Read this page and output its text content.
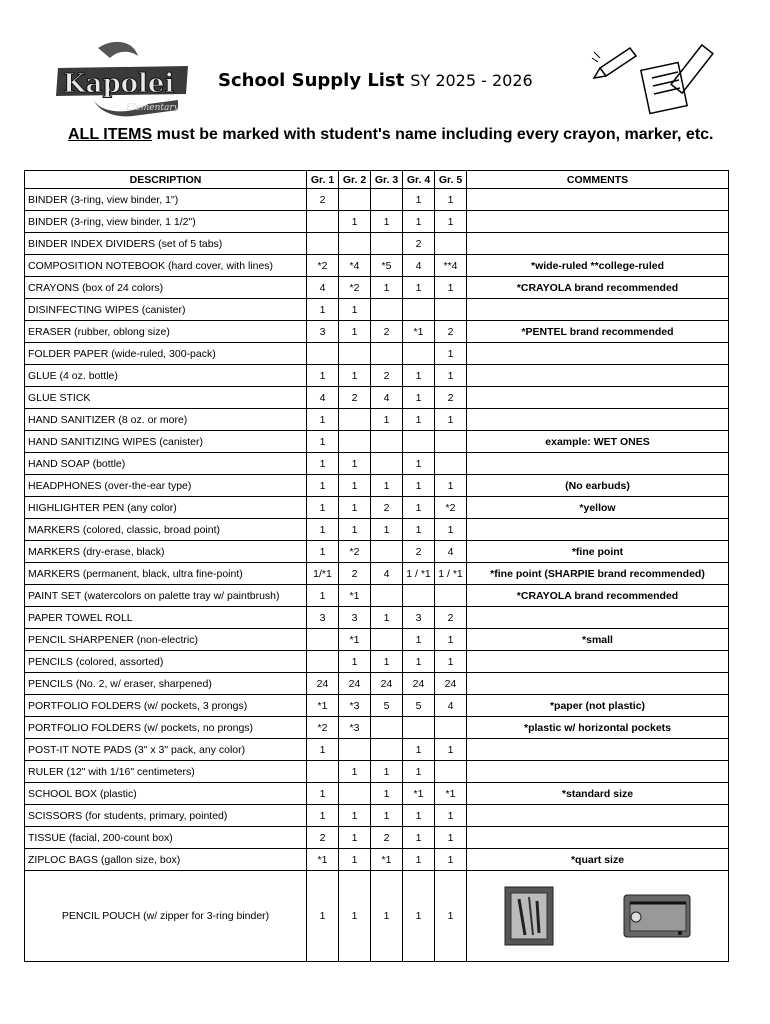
Kapolei
Elementary
School Supply List SY 2025 - 2026
ALL ITEMS must be marked with student's name including every crayon, marker, etc.
DESCRIPTION	Gr. 1	Gr. 2	Gr. 3	Gr. 4	Gr. 5	COMMENTS
BINDER (3-ring, view binder, 1")	2			1	1	
BINDER (3-ring, view binder, 1 1/2")		1	1	1	1	
BINDER INDEX DIVIDERS (set of 5 tabs)				2		
COMPOSITION NOTEBOOK (hard cover, with lines)	*2	*4	*5	4	**4	*wide-ruled **college-ruled
CRAYONS (box of 24 colors)	4	*2	1	1	1	*CRAYOLA brand recommended
DISINFECTING WIPES (canister)	1	1				
ERASER (rubber, oblong size)	3	1	2	*1	2	*PENTEL brand recommended
FOLDER PAPER (wide-ruled, 300-pack)					1	
GLUE (4 oz. bottle)	1	1	2	1	1	
GLUE STICK	4	2	4	1	2	
HAND SANITIZER (8 oz. or more)	1		1	1	1	
HAND SANITIZING WIPES (canister)	1					example: WET ONES
HAND SOAP (bottle)	1	1		1		
HEADPHONES (over-the-ear type)	1	1	1	1	1	(No earbuds)
HIGHLIGHTER PEN (any color)	1	1	2	1	*2	*yellow
MARKERS (colored, classic, broad point)	1	1	1	1	1	
MARKERS (dry-erase, black)	1	*2		2	4	*fine point
MARKERS (permanent, black, ultra fine-point)	1/*1	2	4	1 / *1	1 / *1	*fine point (SHARPIE brand recommended)
PAINT SET (watercolors on palette tray w/ paintbrush)	1	*1				*CRAYOLA brand recommended
PAPER TOWEL ROLL	3	3	1	3	2	
PENCIL SHARPENER (non-electric)		*1		1	1	*small
PENCILS (colored, assorted)		1	1	1	1	
PENCILS (No. 2, w/ eraser, sharpened)	24	24	24	24	24	
PORTFOLIO FOLDERS (w/ pockets, 3 prongs)	*1	*3	5	5	4	*paper (not plastic)
PORTFOLIO FOLDERS (w/ pockets, no prongs)	*2	*3				*plastic w/ horizontal pockets
POST-IT NOTE PADS (3" x 3" pack, any color)	1			1	1	
RULER (12" with 1/16" centimeters)		1	1	1		
SCHOOL BOX (plastic)	1		1	*1	*1	*standard size
SCISSORS (for students, primary, pointed)	1	1	1	1	1	
TISSUE (facial, 200-count box)	2	1	2	1	1	
ZIPLOC BAGS (gallon size, box)	*1	1	*1	1	1	*quart size
PENCIL POUCH (w/ zipper for 3-ring binder)	1	1	1	1	1	
